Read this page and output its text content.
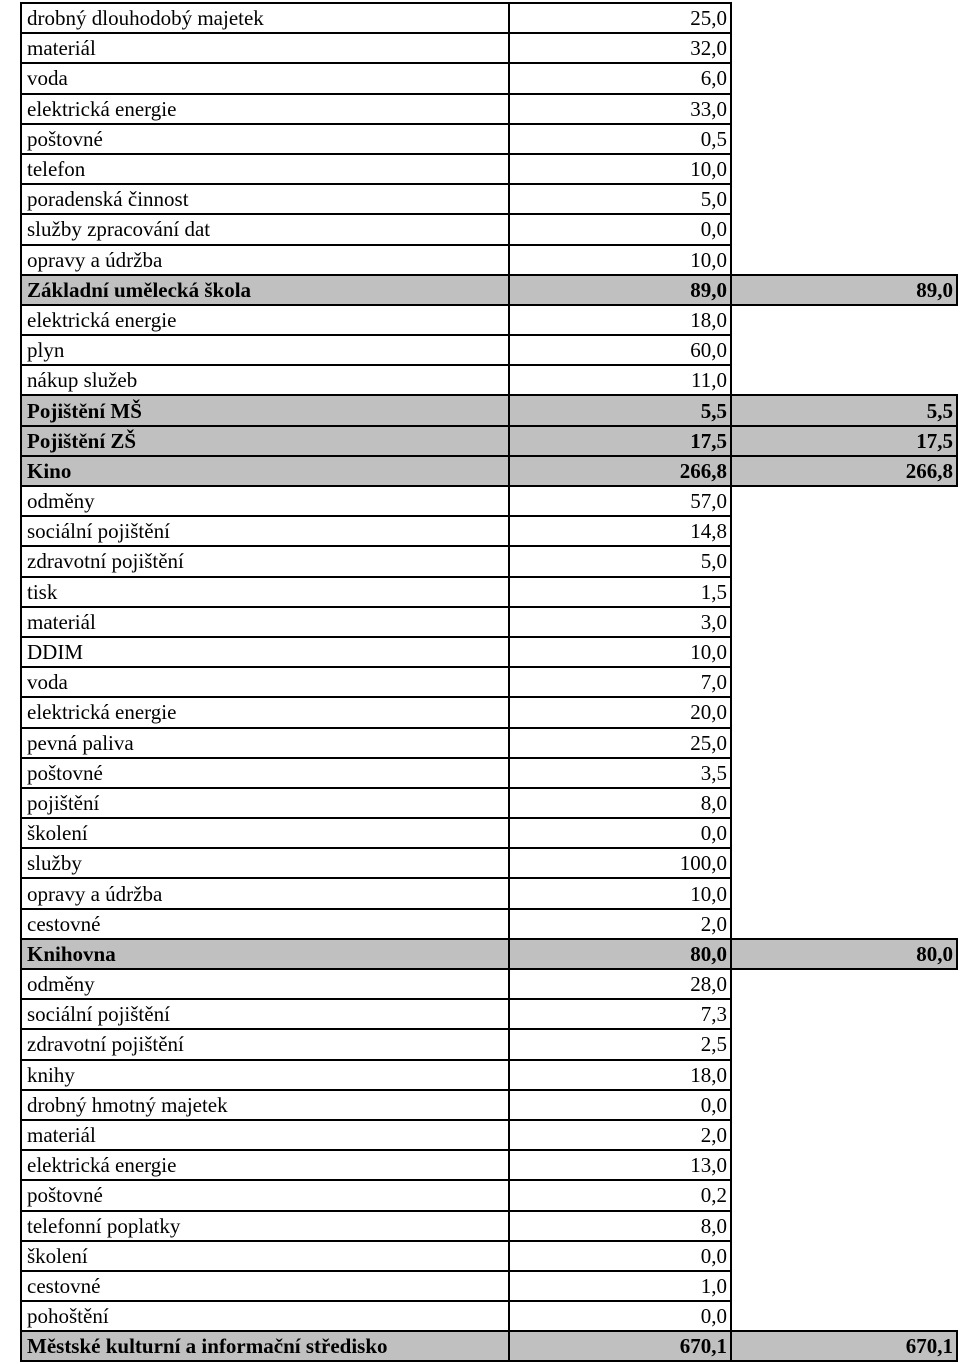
drobný dlouhodobý majetek	25,0	
materiál	32,0	
voda	6,0	
elektrická energie	33,0	
poštovné	0,5	
telefon	10,0	
poradenská činnost	5,0	
služby zpracování dat	0,0	
opravy a údržba	10,0	
Základní umělecká škola	89,0	89,0
elektrická energie	18,0	
plyn	60,0	
nákup služeb	11,0	
Pojištění MŠ	5,5	5,5
Pojištění ZŠ	17,5	17,5
Kino	266,8	266,8
odměny	57,0	
sociální pojištění	14,8	
zdravotní pojištění	5,0	
tisk	1,5	
materiál	3,0	
DDIM	10,0	
voda	7,0	
elektrická energie	20,0	
pevná paliva	25,0	
poštovné	3,5	
pojištění	8,0	
školení	0,0	
služby	100,0	
opravy a údržba	10,0	
cestovné	2,0	
Knihovna	80,0	80,0
odměny	28,0	
sociální pojištění	7,3	
zdravotní pojištění	2,5	
knihy	18,0	
drobný hmotný majetek	0,0	
materiál	2,0	
elektrická energie	13,0	
poštovné	0,2	
telefonní poplatky	8,0	
školení	0,0	
cestovné	1,0	
pohoštění	0,0	
Městské kulturní a informační středisko	670,1	670,1
